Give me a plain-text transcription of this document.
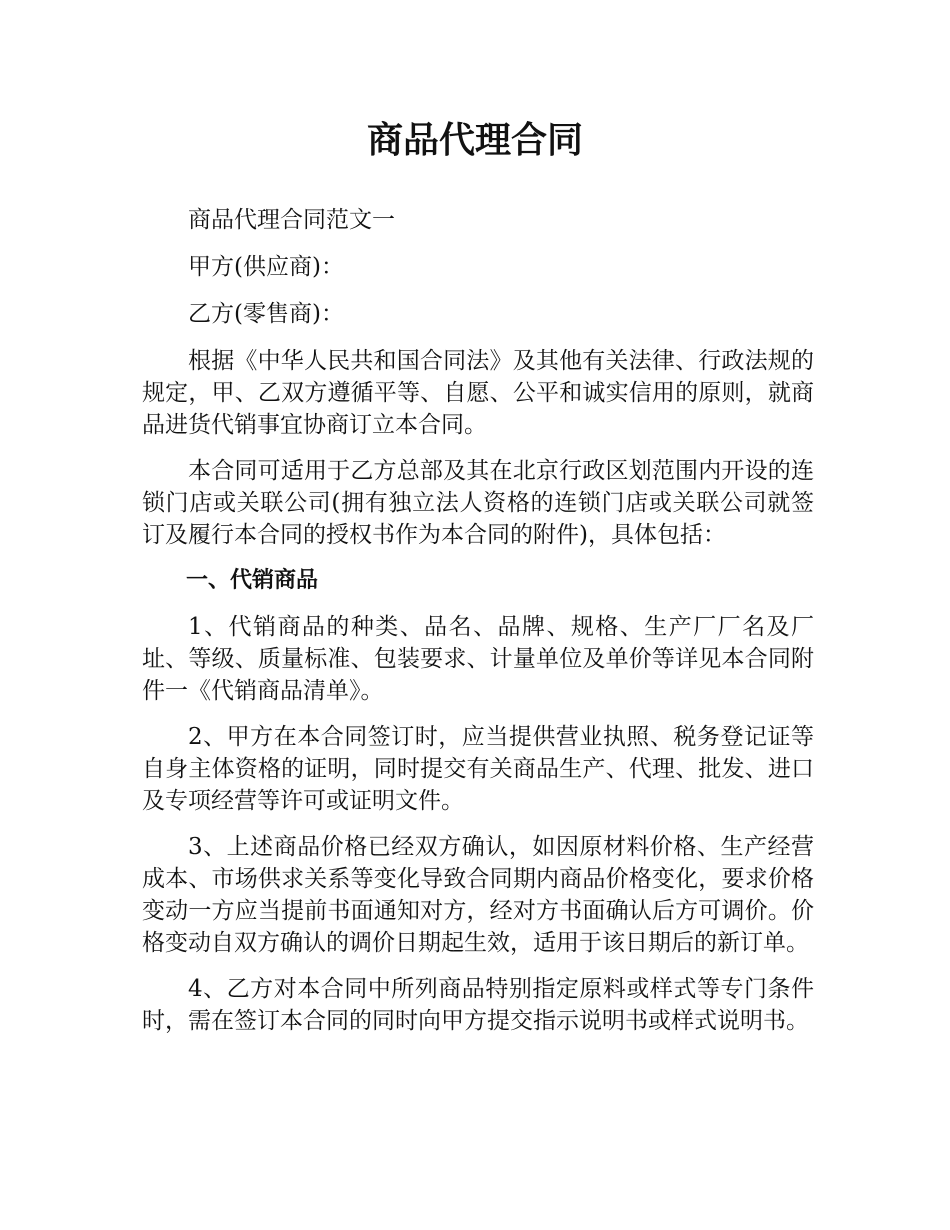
商品代理合同

商品代理合同范文一

甲方(供应商)：

乙方(零售商)：

根据《中华人民共和国合同法》及其他有关法律、行政法规的规定，甲、乙双方遵循平等、自愿、公平和诚实信用的原则，就商品进货代销事宜协商订立本合同。

本合同可适用于乙方总部及其在北京行政区划范围内开设的连锁门店或关联公司(拥有独立法人资格的连锁门店或关联公司就签订及履行本合同的授权书作为本合同的附件)，具体包括：

一、代销商品

1、代销商品的种类、品名、品牌、规格、生产厂厂名及厂址、等级、质量标准、包装要求、计量单位及单价等详见本合同附件一《代销商品清单》。

2、甲方在本合同签订时，应当提供营业执照、税务登记证等自身主体资格的证明，同时提交有关商品生产、代理、批发、进口及专项经营等许可或证明文件。

3、上述商品价格已经双方确认，如因原材料价格、生产经营成本、市场供求关系等变化导致合同期内商品价格变化，要求价格变动一方应当提前书面通知对方，经对方书面确认后方可调价。价格变动自双方确认的调价日期起生效，适用于该日期后的新订单。

4、乙方对本合同中所列商品特别指定原料或样式等专门条件时，需在签订本合同的同时向甲方提交指示说明书或样式说明书。
